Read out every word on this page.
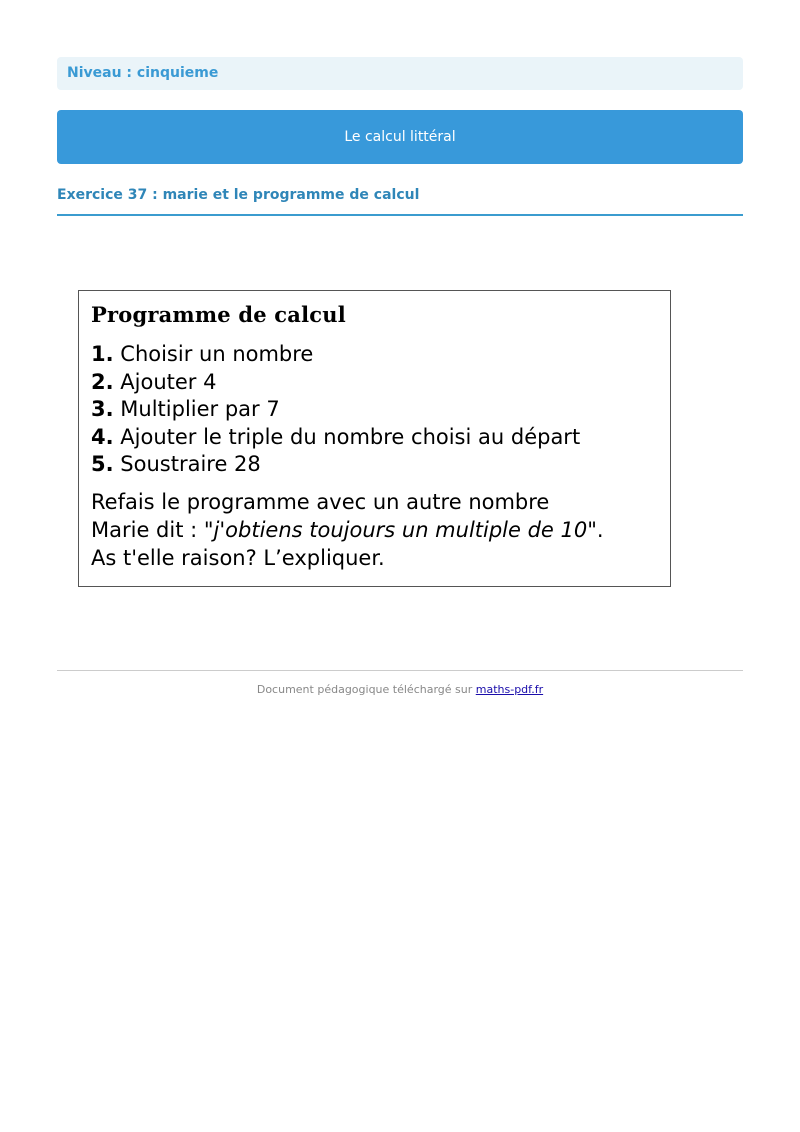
Niveau : cinquieme
Le calcul littéral
Exercice 37 : marie et le programme de calcul
Programme de calcul
1. Choisir un nombre
2. Ajouter 4
3. Multiplier par 7
4. Ajouter le triple du nombre choisi au départ
5. Soustraire 28
Refais le programme avec un autre nombre
Marie dit : "j'obtiens toujours un multiple de 10".
As t'elle raison? L’expliquer.
Document pédagogique téléchargé sur maths-pdf.fr
